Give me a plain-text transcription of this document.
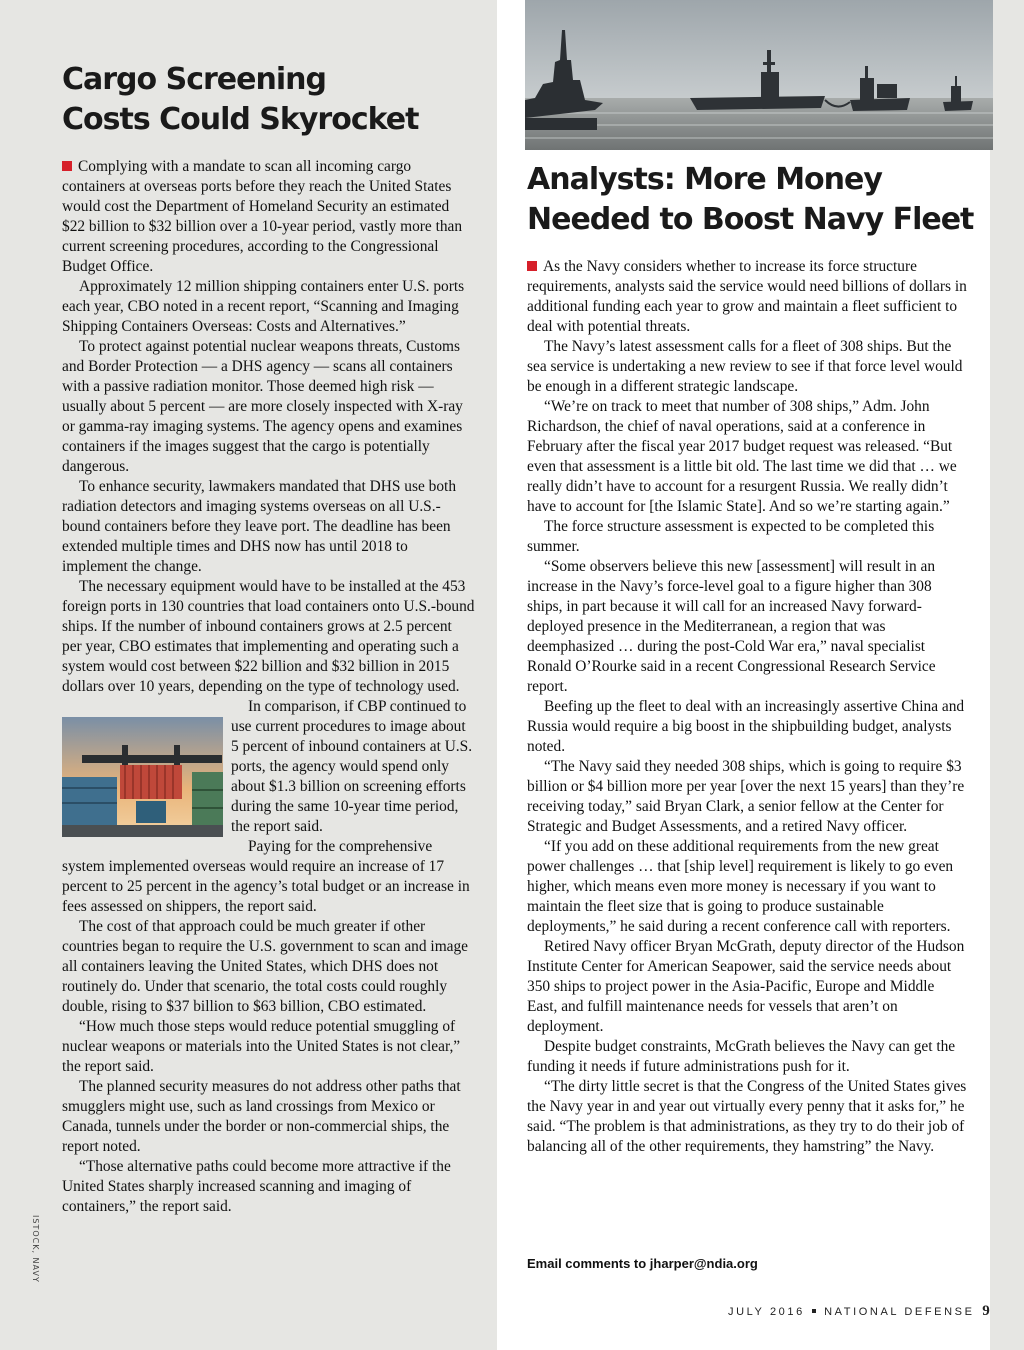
Cargo Screening
Costs Could Skyrocket

Complying with a mandate to scan all incoming cargo containers at overseas ports before they reach the United States would cost the Department of Homeland Security an estimated $22 billion to $32 billion over a 10-year period, vastly more than current screening procedures, according to the Congressional Budget Office.

Approximately 12 million shipping containers enter U.S. ports each year, CBO noted in a recent report, “Scanning and Imaging Shipping Containers Overseas: Costs and Alternatives.”

To protect against potential nuclear weapons threats, Customs and Border Protection — a DHS agency — scans all containers with a passive radiation monitor. Those deemed high risk — usually about 5 percent — are more closely inspected with X-ray or gamma-ray imaging systems. The agency opens and examines containers if the images suggest that the cargo is potentially dangerous.

To enhance security, lawmakers mandated that DHS use both radiation detectors and imaging systems overseas on all U.S.-bound containers before they leave port. The deadline has been extended multiple times and DHS now has until 2018 to implement the change.

The necessary equipment would have to be installed at the 453 foreign ports in 130 countries that load containers onto U.S.-bound ships. If the number of inbound containers grows at 2.5 percent per year, CBO estimates that implementing and operating such a system would cost between $22 billion and $32 billion in 2015 dollars over 10 years, depending on the type of technology used.

In comparison, if CBP continued to use current procedures to image about 5 percent of inbound containers at U.S. ports, the agency would spend only about $1.3 billion on screening efforts during the same 10-year time period, the report said.

Paying for the comprehensive system implemented overseas would require an increase of 17 percent to 25 percent in the agency’s total budget or an increase in fees assessed on shippers, the report said.

The cost of that approach could be much greater if other countries began to require the U.S. government to scan and image all containers leaving the United States, which DHS does not routinely do. Under that scenario, the total costs could roughly double, rising to $37 billion to $63 billion, CBO estimated.

“How much those steps would reduce potential smuggling of nuclear weapons or materials into the United States is not clear,” the report said.

The planned security measures do not address other paths that smugglers might use, such as land crossings from Mexico or Canada, tunnels under the border or non-commercial ships, the report noted.

“Those alternative paths could become more attractive if the United States sharply increased scanning and imaging of containers,” the report said.

ISTOCK, NAVY
Analysts: More Money
Needed to Boost Navy Fleet

As the Navy considers whether to increase its force structure requirements, analysts said the service would need billions of dollars in additional funding each year to grow and maintain a fleet sufficient to deal with potential threats.

The Navy’s latest assessment calls for a fleet of 308 ships. But the sea service is undertaking a new review to see if that force level would be enough in a different strategic landscape.

“We’re on track to meet that number of 308 ships,” Adm. John Richardson, the chief of naval operations, said at a conference in February after the fiscal year 2017 budget request was released. “But even that assessment is a little bit old. The last time we did that … we really didn’t have to account for a resurgent Russia. We really didn’t have to account for [the Islamic State]. And so we’re starting again.”

The force structure assessment is expected to be completed this summer.

“Some observers believe this new [assessment] will result in an increase in the Navy’s force-level goal to a figure higher than 308 ships, in part because it will call for an increased Navy forward-deployed presence in the Mediterranean, a region that was deemphasized … during the post-Cold War era,” naval specialist Ronald O’Rourke said in a recent Congressional Research Service report.

Beefing up the fleet to deal with an increasingly assertive China and Russia would require a big boost in the shipbuilding budget, analysts noted.

“The Navy said they needed 308 ships, which is going to require $3 billion or $4 billion more per year [over the next 15 years] than they’re receiving today,” said Bryan Clark, a senior fellow at the Center for Strategic and Budget Assessments, and a retired Navy officer.

“If you add on these additional requirements from the new great power challenges … that [ship level] requirement is likely to go even higher, which means even more money is necessary if you want to maintain the fleet size that is going to produce sustainable deployments,” he said during a recent conference call with reporters.

Retired Navy officer Bryan McGrath, deputy director of the Hudson Institute Center for American Seapower, said the service needs about 350 ships to project power in the Asia-Pacific, Europe and Middle East, and fulfill maintenance needs for vessels that aren’t on deployment.

Despite budget constraints, McGrath believes the Navy can get the funding it needs if future administrations push for it.

“The dirty little secret is that the Congress of the United States gives the Navy year in and year out virtually every penny that it asks for,” he said. “The problem is that administrations, as they try to do their job of balancing all of the other requirements, they hamstring” the Navy.

Email comments to jharper@ndia.org
JULY 2016 NATIONAL DEFENSE 9
